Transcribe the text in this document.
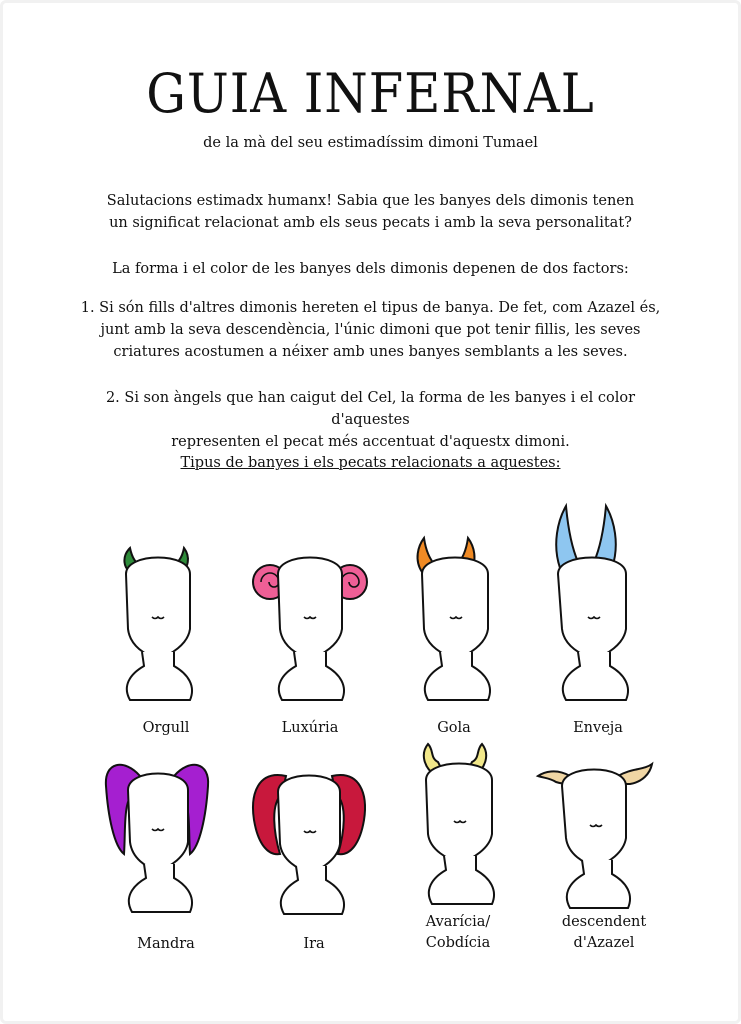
GUIA INFERNAL
de la mà del seu estimadíssim dimoni Tumael

Salutacions estimadx humanx! Sabia que les banyes dels dimonis tenen
un significat relacionat amb els seus pecats i amb la seva personalitat?

La forma i el color de les banyes dels dimonis depenen de dos factors:

1. Si són fills d'altres dimonis hereten el tipus de banya. De fet, com Azazel és,
junt amb la seva descendència, l'únic dimoni que pot tenir fillis, les seves
criatures acostumen a néixer amb unes banyes semblants a les seves.

2. Si son àngels que han caigut del Cel, la forma de les banyes i el color d'aquestes
representen el pecat més accentuat d'aquestx dimoni.

Tipus de banyes i els pecats relacionats a aquestes:
Orgull	Luxúria	Gola	Enveja
Mandra	Ira
Avarícia/
Cobdícia
descendent
d'Azazel
